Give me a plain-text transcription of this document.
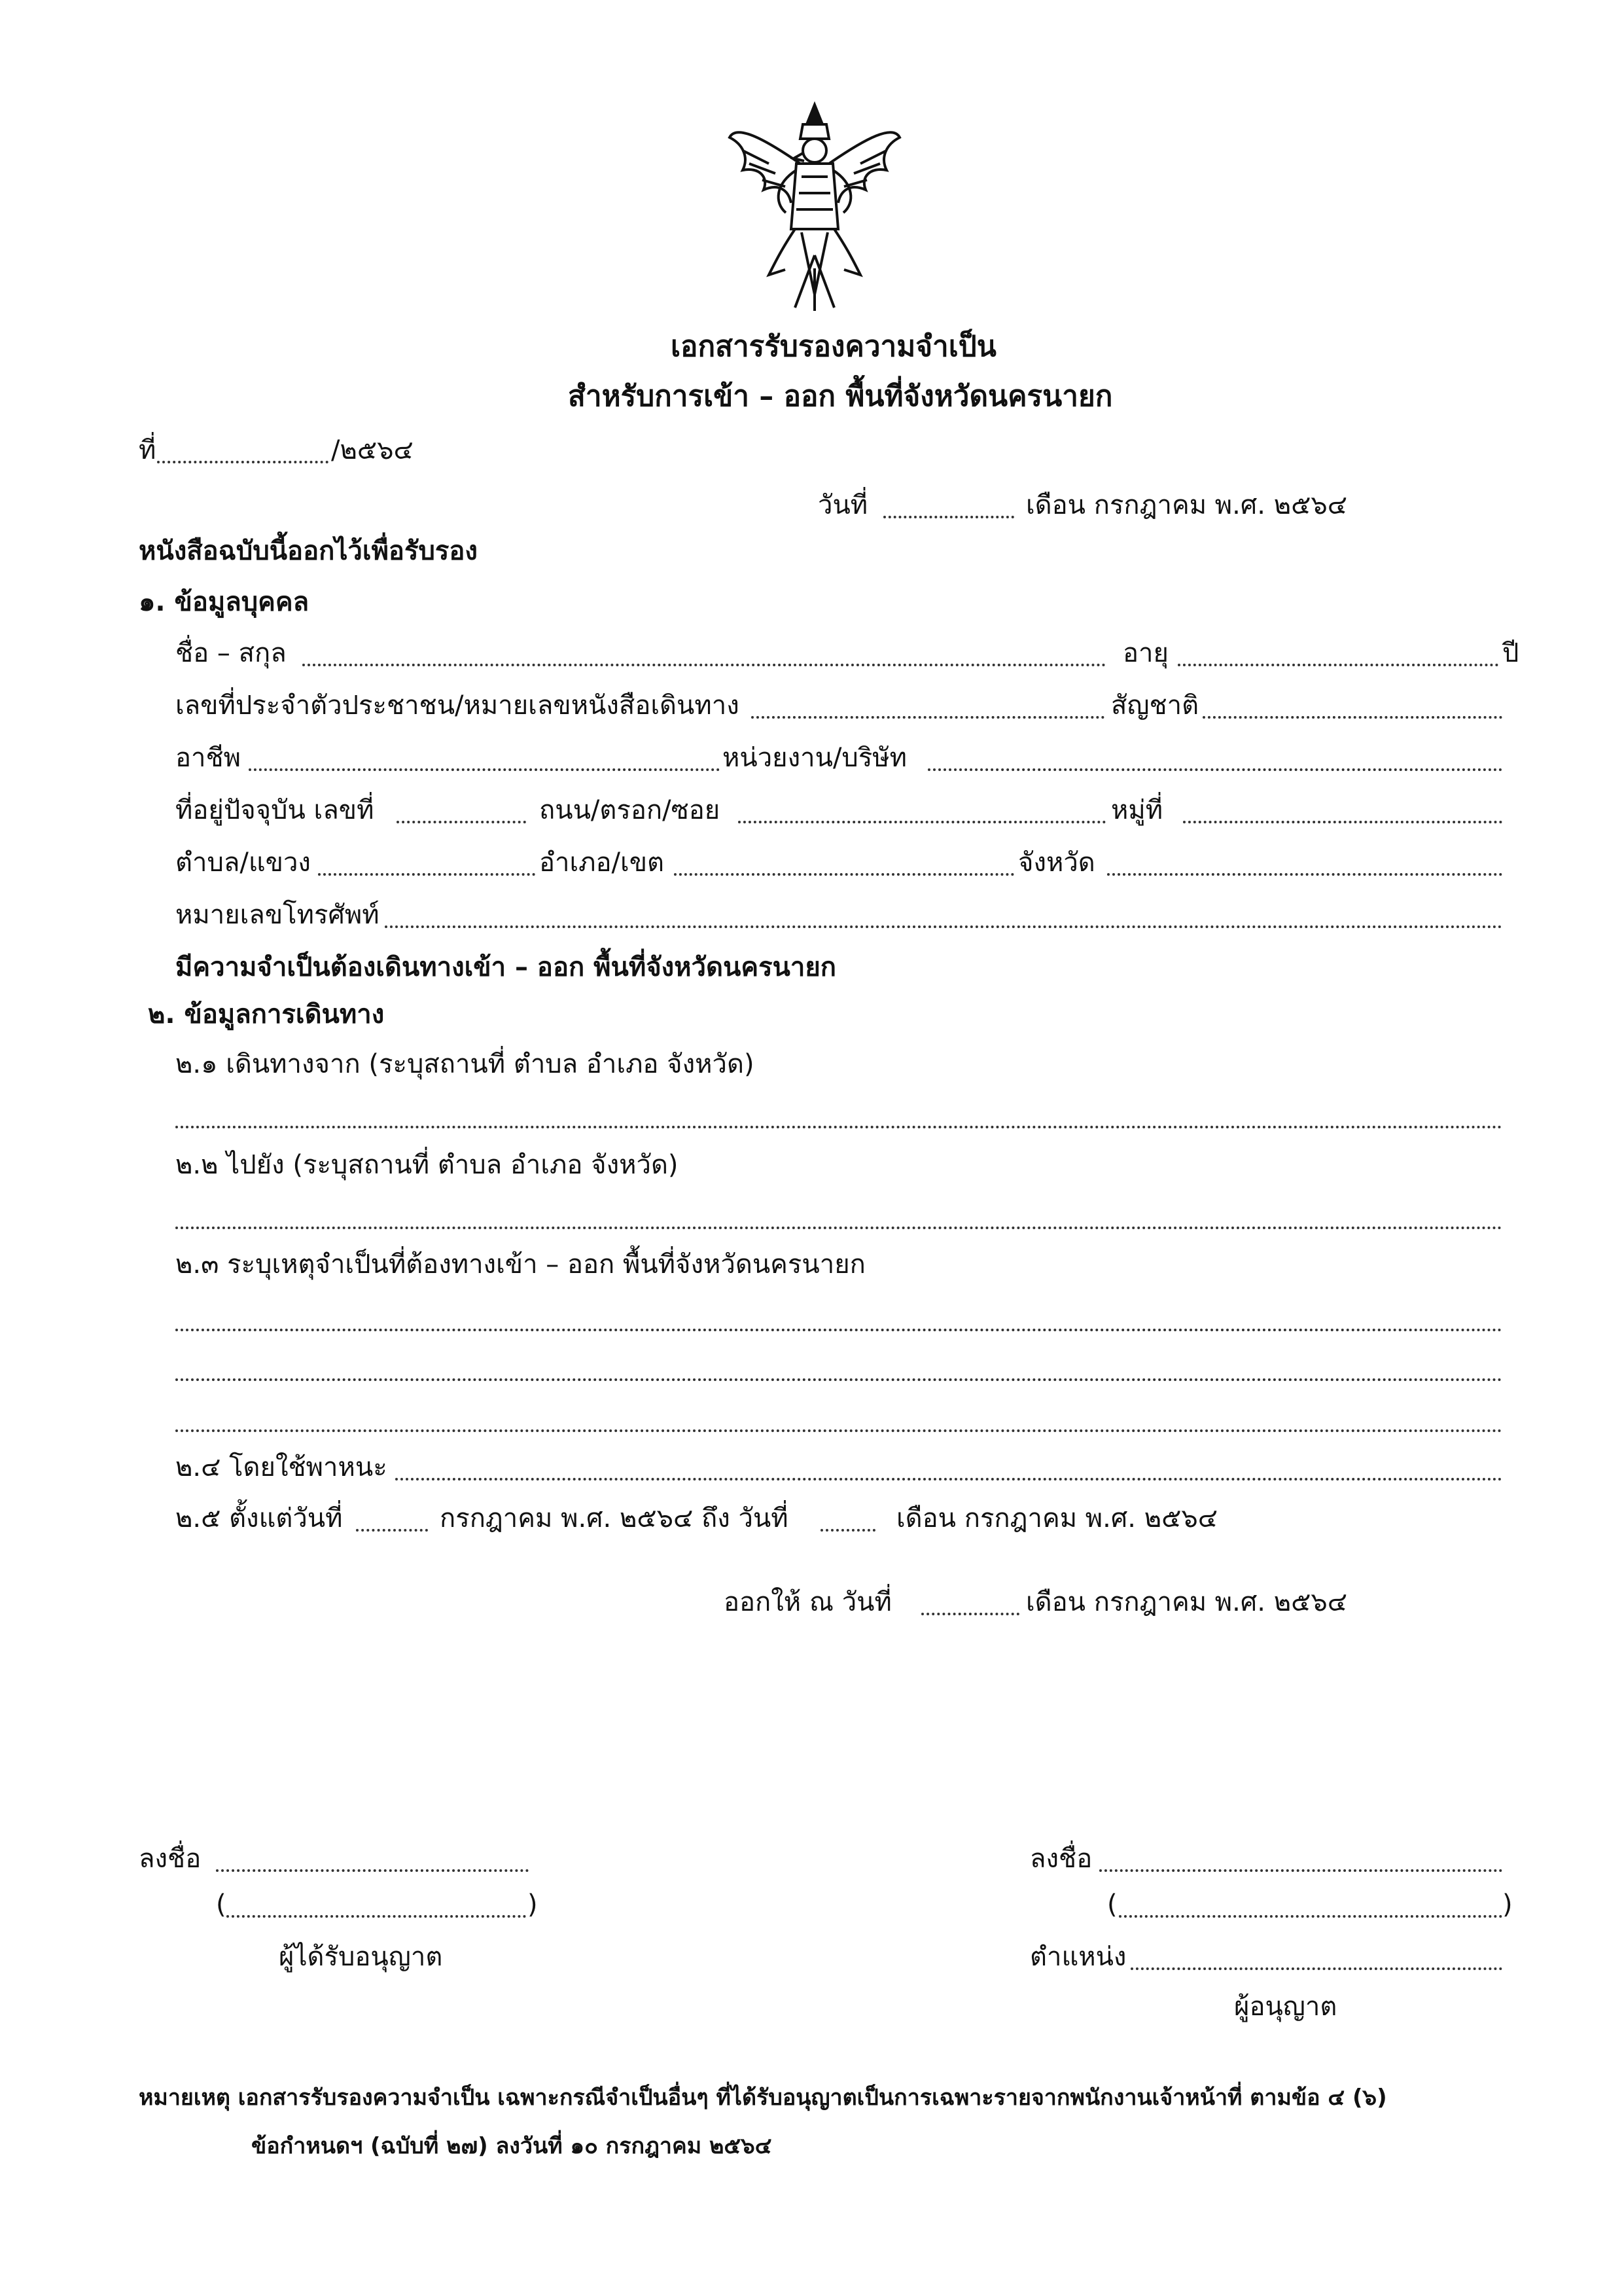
เอกสารรับรองความจำเป็น
สำหรับการเข้า – ออก พื้นที่จังหวัดนครนายก
ที่	/๒๕๖๔
วันที่	เดือน กรกฎาคม พ.ศ. ๒๕๖๔
หนังสือฉบับนี้ออกไว้เพื่อรับรอง
๑. ข้อมูลบุคคล
ชื่อ – สกุล	อายุ	ปี
เลขที่ประจำตัวประชาชน/หมายเลขหนังสือเดินทาง	สัญชาติ
อาชีพ	หน่วยงาน/บริษัท
ที่อยู่ปัจจุบัน เลขที่	ถนน/ตรอก/ซอย	หมู่ที่
ตำบล/แขวง	อำเภอ/เขต	จังหวัด
หมายเลขโทรศัพท์
มีความจำเป็นต้องเดินทางเข้า – ออก พื้นที่จังหวัดนครนายก
๒. ข้อมูลการเดินทาง
๒.๑ เดินทางจาก (ระบุสถานที่ ตำบล อำเภอ จังหวัด)
๒.๒ ไปยัง (ระบุสถานที่ ตำบล อำเภอ จังหวัด)
๒.๓ ระบุเหตุจำเป็นที่ต้องทางเข้า – ออก พื้นที่จังหวัดนครนายก
๒.๔ โดยใช้พาหนะ
๒.๕ ตั้งแต่วันที่	กรกฎาคม พ.ศ. ๒๕๖๔ ถึง วันที่	เดือน กรกฎาคม พ.ศ. ๒๕๖๔
ออกให้ ณ วันที่	เดือน กรกฎาคม พ.ศ. ๒๕๖๔
ลงชื่อ
(	)
ผู้ได้รับอนุญาต
ลงชื่อ
(	)
ตำแหน่ง
ผู้อนุญาต
หมายเหตุ เอกสารรับรองความจำเป็น เฉพาะกรณีจำเป็นอื่นๆ ที่ได้รับอนุญาตเป็นการเฉพาะรายจากพนักงานเจ้าหน้าที่ ตามข้อ ๔ (๖)
ข้อกำหนดฯ (ฉบับที่ ๒๗) ลงวันที่ ๑๐ กรกฎาคม ๒๕๖๔
